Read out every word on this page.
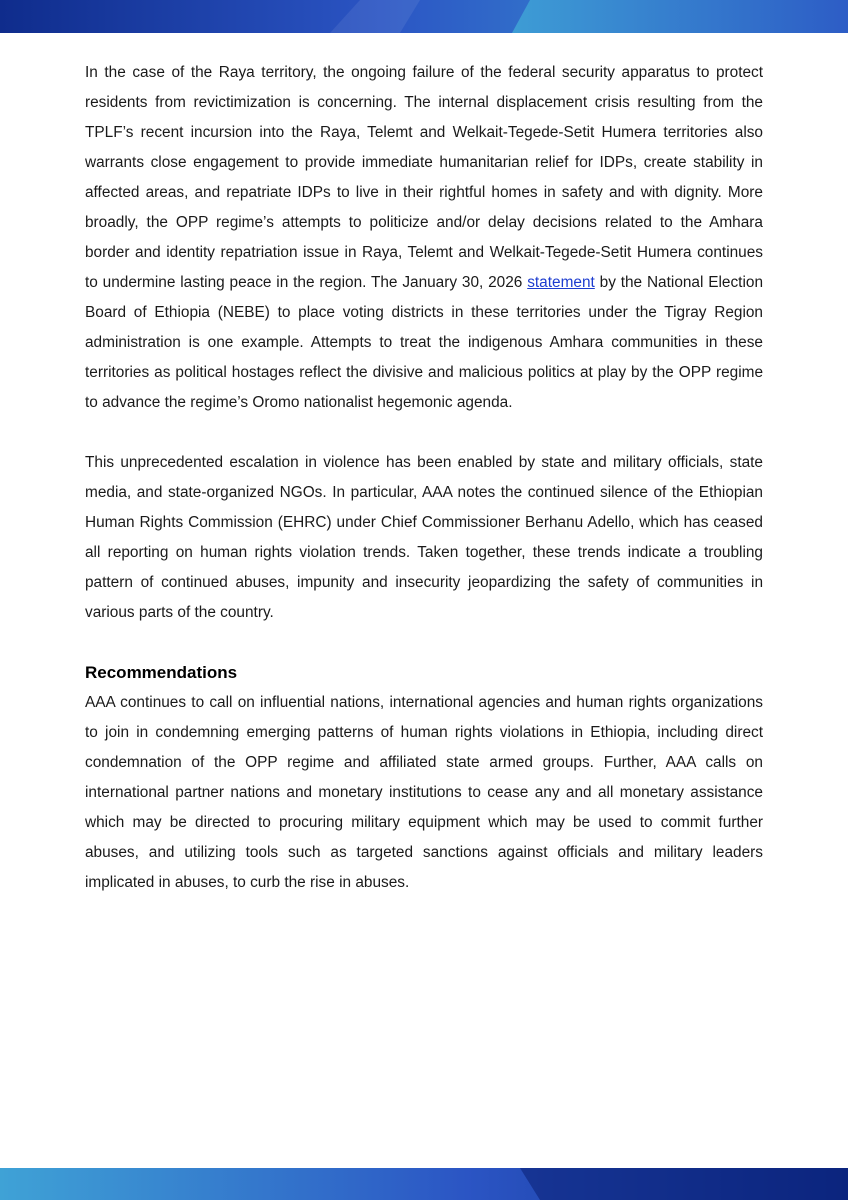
In the case of the Raya territory, the ongoing failure of the federal security apparatus to protect residents from revictimization is concerning. The internal displacement crisis resulting from the TPLF’s recent incursion into the Raya, Telemt and Welkait-Tegede-Setit Humera territories also warrants close engagement to provide immediate humanitarian relief for IDPs, create stability in affected areas, and repatriate IDPs to live in their rightful homes in safety and with dignity. More broadly, the OPP regime’s attempts to politicize and/or delay decisions related to the Amhara border and identity repatriation issue in Raya, Telemt and Welkait-Tegede-Setit Humera continues to undermine lasting peace in the region. The January 30, 2026 statement by the National Election Board of Ethiopia (NEBE) to place voting districts in these territories under the Tigray Region administration is one example. Attempts to treat the indigenous Amhara communities in these territories as political hostages reflect the divisive and malicious politics at play by the OPP regime to advance the regime’s Oromo nationalist hegemonic agenda.

This unprecedented escalation in violence has been enabled by state and military officials, state media, and state-organized NGOs. In particular, AAA notes the continued silence of the Ethiopian Human Rights Commission (EHRC) under Chief Commissioner Berhanu Adello, which has ceased all reporting on human rights violation trends. Taken together, these trends indicate a troubling pattern of continued abuses, impunity and insecurity jeopardizing the safety of communities in various parts of the country.

Recommendations

AAA continues to call on influential nations, international agencies and human rights organizations to join in condemning emerging patterns of human rights violations in Ethiopia, including direct condemnation of the OPP regime and affiliated state armed groups. Further, AAA calls on international partner nations and monetary institutions to cease any and all monetary assistance which may be directed to procuring military equipment which may be used to commit further abuses, and utilizing tools such as targeted sanctions against officials and military leaders implicated in abuses, to curb the rise in abuses.
